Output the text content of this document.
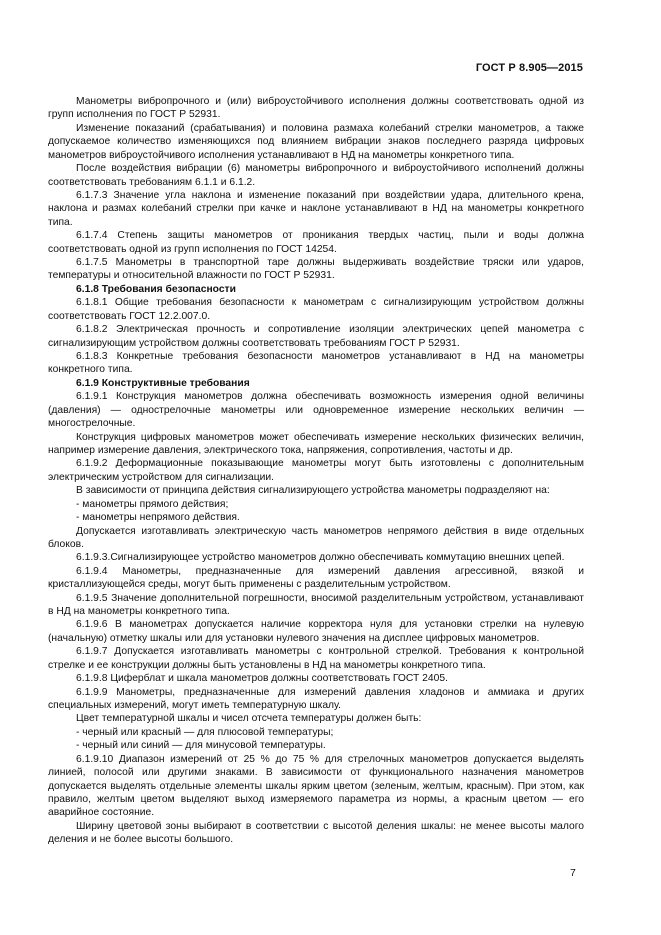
ГОСТ Р 8.905—2015

Манометры вибропрочного и (или) виброустойчивого исполнения должны соответствовать одной из групп исполнения по ГОСТ Р 52931.

Изменение показаний (срабатывания) и половина размаха колебаний стрелки манометров, а также допускаемое количество изменяющихся под влиянием вибрации знаков последнего разряда цифровых манометров виброустойчивого исполнения устанавливают в НД на манометры конкретного типа.

После воздействия вибрации (6) манометры вибропрочного и виброустойчивого исполнений должны соответствовать требованиям 6.1.1 и 6.1.2.

6.1.7.3 Значение угла наклона и изменение показаний при воздействии удара, длительного крена, наклона и размах колебаний стрелки при качке и наклоне устанавливают в НД на манометры конкретного типа.

6.1.7.4 Степень защиты манометров от проникания твердых частиц, пыли и воды должна соответствовать одной из групп исполнения по ГОСТ 14254.

6.1.7.5 Манометры в транспортной таре должны выдерживать воздействие тряски или ударов, температуры и относительной влажности по ГОСТ Р 52931.

6.1.8 Требования безопасности

6.1.8.1 Общие требования безопасности к манометрам с сигнализирующим устройством должны соответствовать ГОСТ 12.2.007.0.

6.1.8.2 Электрическая прочность и сопротивление изоляции электрических цепей манометра с сигнализирующим устройством должны соответствовать требованиям ГОСТ Р 52931.

6.1.8.3 Конкретные требования безопасности манометров устанавливают в НД на манометры конкретного типа.

6.1.9 Конструктивные требования

6.1.9.1 Конструкция манометров должна обеспечивать возможность измерения одной величины (давления) — однострелочные манометры или одновременное измерение нескольких величин — многострелочные.

Конструкция цифровых манометров может обеспечивать измерение нескольких физических величин, например измерение давления, электрического тока, напряжения, сопротивления, частоты и др.

6.1.9.2 Деформационные показывающие манометры могут быть изготовлены с дополнительным электрическим устройством для сигнализации.

В зависимости от принципа действия сигнализирующего устройства манометры подразделяют на:

- манометры прямого действия;

- манометры непрямого действия.

Допускается изготавливать электрическую часть манометров непрямого действия в виде отдельных блоков.

6.1.9.3.Сигнализирующее устройство манометров должно обеспечивать коммутацию внешних цепей.

6.1.9.4 Манометры, предназначенные для измерений давления агрессивной, вязкой и кристаллизующейся среды, могут быть применены с разделительным устройством.

6.1.9.5 Значение дополнительной погрешности, вносимой разделительным устройством, устанавливают в НД на манометры конкретного типа.

6.1.9.6 В манометрах допускается наличие корректора нуля для установки стрелки на нулевую (начальную) отметку шкалы или для установки нулевого значения на дисплее цифровых манометров.

6.1.9.7 Допускается изготавливать манометры с контрольной стрелкой. Требования к контрольной стрелке и ее конструкции должны быть установлены в НД на манометры конкретного типа.

6.1.9.8 Циферблат и шкала манометров должны соответствовать ГОСТ 2405.

6.1.9.9 Манометры, предназначенные для измерений давления хладонов и аммиака и других специальных измерений, могут иметь температурную шкалу.

Цвет температурной шкалы и чисел отсчета температуры должен быть:

- черный или красный — для плюсовой температуры;

- черный или синий — для минусовой температуры.

6.1.9.10 Диапазон измерений от 25 % до 75 % для стрелочных манометров допускается выделять линией, полосой или другими знаками. В зависимости от функционального назначения манометров допускается выделять отдельные элементы шкалы ярким цветом (зеленым, желтым, красным). При этом, как правило, желтым цветом выделяют выход измеряемого параметра из нормы, а красным цветом — его аварийное состояние.

Ширину цветовой зоны выбирают в соответствии с высотой деления шкалы: не менее высоты малого деления и не более высоты большого.

7
